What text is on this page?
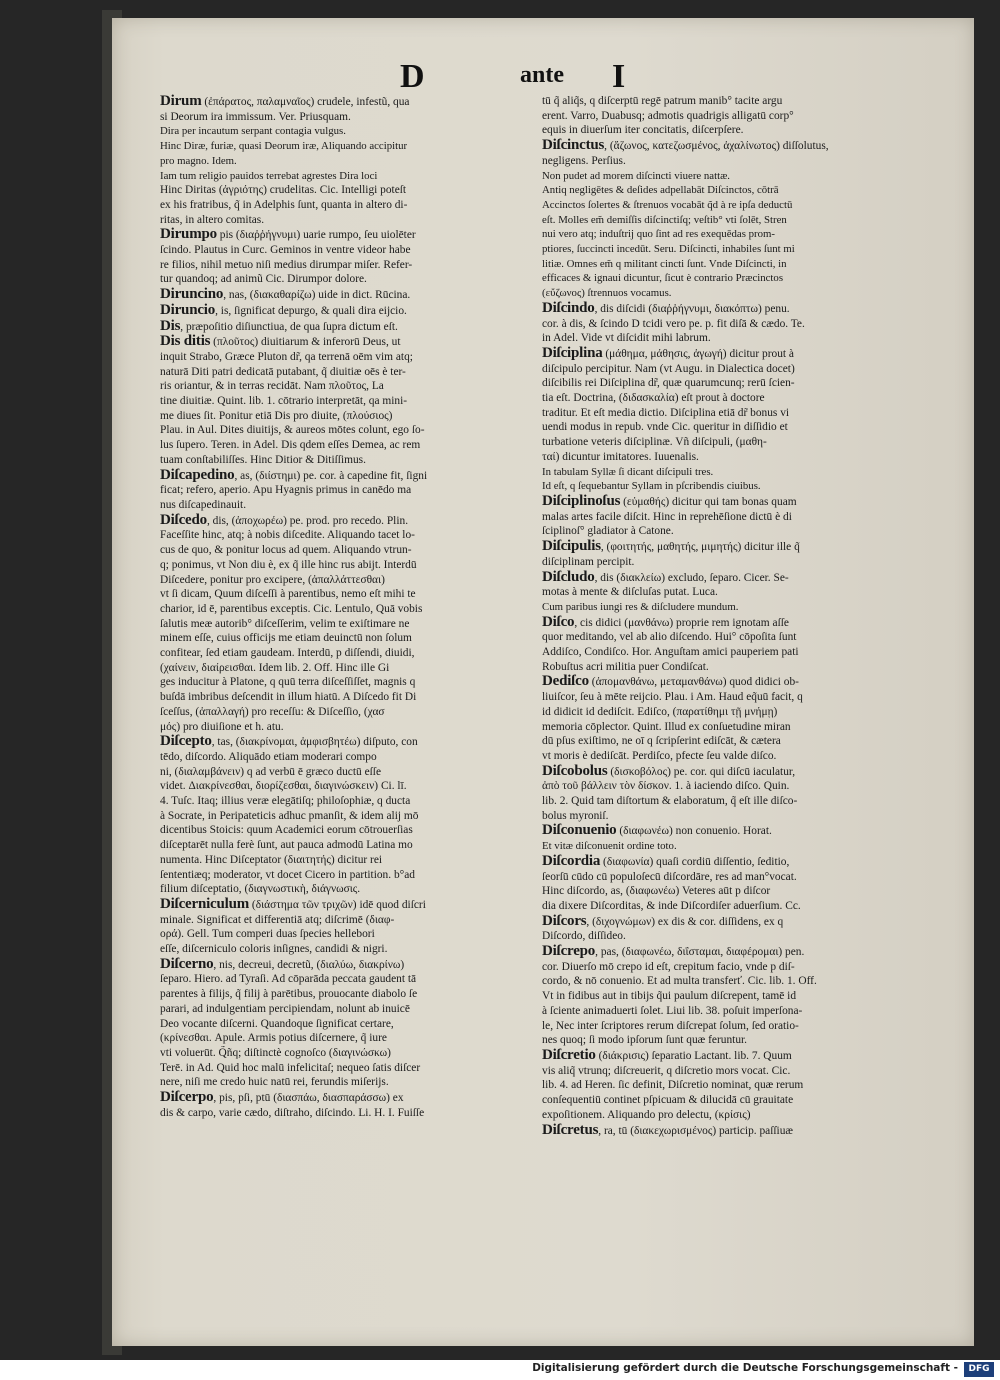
D	ante I
Dirum (ἐπάρατος, παλαμναῖος) crudele, infestũ, qua
si Deorum ira immissum. Ver. Priusquam.
Dira per incautum serpant contagia vulgus.
Hinc Diræ, furiæ, quasi Deorum iræ, Aliquando accipitur
pro magno. Idem.
Iam tum religio pauidos terrebat agrestes Dira loci
Hinc Diritas (ἀγριότης) crudelitas. Cic. Intelligi poteſt
ex his fratribus, q̃ in Adelphis ſunt, quanta in altero di-
ritas, in altero comitas.
Dirumpo pis (διαῤῥήγνυμι) uarie rumpo, ſeu uiolēter
ſcindo. Plautus in Curc. Geminos in ventre videor habe
re filios, nihil metuo niſi medius dirumpar miſer. Refer-
tur quandoq; ad animũ Cic. Dirumpor dolore.
Diruncino, nas, (διακαθαρίζω) uide in dict. Rūcina.
Diruncio, is, ſignificat depurgo, & quali dira eijcio.
Dis, præpoſitio diſiunctiua, de qua ſupra dictum eſt.
Dis ditis (πλοῦτος) diuitiarum & inferorū Deus, ut
inquit Strabo, Græce Pluton dr̃, qa terrenā oēm vim atq;
naturā Diti patri dedicatā putabant, q̃ diuitiæ oēs è ter-
ris oriantur, & in terras recidāt. Nam πλοῦτος, La
tine diuitiæ. Quint. lib. 1. cōtrario interpretāt, qa mini-
me diues ſit. Ponitur etiā Dis pro diuite, (πλούσιος)
Plau. in Aul. Dites diuitijs, & aureos mōtes colunt, ego ſo-
lus ſupero. Teren. in Adel. Dis qdem eſſes Demea, ac rem
tuam conſtabiliſſes. Hinc Ditior & Ditiſſimus.
Diſcapedino, as, (διίστημι) pe. cor. à capedine fit, ſigni
ficat; refero, aperio. Apu Hyagnis primus in canēdo ma
nus diſcapedinauit.
Diſcedo, dis, (ἀποχωρέω) pe. prod. pro recedo. Plin.
Faceſſite hinc, atq; à nobis diſcedite. Aliquando tacet lo-
cus de quo, & ponitur locus ad quem. Aliquando vtrun-
q; ponimus, vt Non diu è, ex q̃ ille hinc rus abijt. Interdū
Diſcedere, ponitur pro excipere, (ἀπαλλάττεσθαι)
vt ſi dicam, Quum diſceſſi à parentibus, nemo eſt mihi te
charior, id ē, parentibus exceptis. Cic. Lentulo, Quā vobis
ſalutis meæ autorib° diſceſſerim, velim te exiſtimare ne
minem eſſe, cuius officijs me etiam deuinctū non ſolum
confitear, ſed etiam gaudeam. Interdū, p diſſendi, diuidi,
(χαίνειν, διαίρεισθαι. Idem lib. 2. Off. Hinc ille Gi
ges inducitur à Platone, q quū terra diſceſſiſſet, magnis q
buſdā imbribus deſcendit in illum hiatū. A Diſcedo fit Di
ſceſſus, (ἀπαλλαγή) pro receſſu: & Diſceſſio, (χασ
μός) pro diuiſione et h. atu.
Diſcepto, tas, (διακρίνομαι, ἀμφισβητέω) diſputo, con
tēdo, diſcordo. Aliquādo etiam moderari compo
ni, (διαλαμβάνειν) q ad verbū ē græco ductū eſſe
videt. Διακρίνεσθαι, διορίζεσθαι, διαγινώσκειν) Ci. lī.
4. Tuſc. Itaq; illius veræ elegātiſq; philoſophiæ, q ducta
à Socrate, in Peripateticis adhuc pmanſit, & idem alij mō
dicentibus Stoicis: quum Academici eorum cōtrouerſias
diſceptarēt nulla ferè ſunt, aut pauca admodū Latina mo
numenta. Hinc Diſceptator (διαιτητής) dicitur rei
ſententiæq; moderator, vt docet Cicero in partition. b°ad
filium diſceptatio, (διαγνωστικὴ, διάγνωσις.
Diſcerniculum (διάστημα τῶν τριχῶν) idē quod diſcri
minale. Significat et differentiā atq; diſcrimē (διαφ-
ορά). Gell. Tum comperi duas ſpecies hellebori
eſſe, diſcerniculo coloris inſignes, candidi & nigri.
Diſcerno, nis, decreui, decretũ, (διαλύω, διακρίνω)
ſeparo. Hiero. ad Tyraſi. Ad cōparāda peccata gaudent tā
parentes à filijs, q̃ filij à parētibus, prouocante diabolo ſe
parari, ad indulgentiam percipiendam, nolunt ab inuicē
Deo vocante diſcerni. Quandoque ſignificat certare,
(κρίνεσθαι. Apule. Armis potius diſcernere, q̃ iure
vti voluerūt. Q̃ñq; diſtinctè cognoſco (διαγινώσκω)
Terē. in Ad. Quid hoc malū infelicitaſ; nequeo ſatis diſcer
nere, niſi me credo huic natū rei, ferundis miſerijs.
Diſcerpo, pis, pſi, ptū (διασπάω, διασπαράσσω) ex
dis & carpo, varie cædo, diſtraho, diſcindo. Li. H. I. Fuiſſe
tū q̃ aliq̃s, q diſcerptū regē patrum manib° tacite argu
erent. Varro, Duabusq; admotis quadrigis alligatū corp°
equis in diuerſum iter concitatis, diſcerpſere.
Diſcinctus, (ἄζωνος, κατεζωσμένος, ἀχαλίνωτος) diſſolutus,
negligens. Perſius.
Non pudet ad morem diſcincti viuere nattæ.
Antiq negligētes & deſides adpellabāt Diſcinctos, cōtrā
Accinctos ſolertes & ſtrenuos vocabāt q̃d à re ipſa deductū
eſt. Molles em̃ demiſſis diſcinctiſq; veſtib° vti ſolēt, Stren
nui vero atq; induſtrij quo ſint ad res exequēdas prom-
ptiores, ſuccincti incedūt. Seru. Diſcincti, inhabiles ſunt mi
litiæ. Omnes em̃ q militant cincti ſunt. Vnde Diſcincti, in
efficaces & ignaui dicuntur, ſicut è contrario Præcinctos
(εὔζωνος) ſtrennuos vocamus.
Diſcindo, dis diſcidi (διαῤῥήγνυμι, διακόπτω) penu.
cor. à dis, & ſcindo D tcidi vero pe. p. fit diſā & cædo. Te.
in Adel. Vide vt diſcidit mihi labrum.
Diſciplina (μάθημα, μάθησις, ἀγωγή) dicitur prout à
diſcipulo percipitur. Nam (vt Augu. in Dialectica docet)
diſcibilis rei Diſciplina dr̃, quæ quarumcunq; rerū ſcien-
tia eſt. Doctrina, (διδασκαλία) eſt prout à doctore
traditur. Et eſt media dictio. Diſciplina etiā dr̃ bonus vi
uendi modus in repub. vnde Cic. queritur in diſſidio et
turbatione veteris diſciplinæ. Vñ diſcipuli, (μαθη-
ταί) dicuntur imitatores. Iuuenalis.
In tabulam Syllæ ſi dicant diſcipuli tres.
Id eſt, q ſequebantur Syllam in pſcribendis ciuibus.
Diſciplinoſus (εὐμαθής) dicitur qui tam bonas quam
malas artes facile diſcit. Hinc in reprehēſione dictū è di
ſciplinoſ° gladiator à Catone.
Diſcipulis, (φοιτητής, μαθητής, μιμητής) dicitur ille q̃
diſciplinam percipit.
Diſcludo, dis (διακλείω) excludo, ſeparo. Cicer. Se-
motas à mente & diſcluſas putat. Luca.
Cum paribus iungi res & diſcludere mundum.
Diſco, cis didici (μανθάνω) proprie rem ignotam aſſe
quor meditando, vel ab alio diſcendo. Hui° cōpoſita ſunt
Addiſco, Condiſco. Hor. Anguſtam amici pauperiem pati
Robuſtus acri militia puer Condiſcat.
Dediſco (ἀπομανθάνω, μεταμανθάνω) quod didici ob-
liuiſcor, ſeu à mēte reijcio. Plau. i Am. Haud eq̃uū facit, q
id didicit id dediſcit. Ediſco, (παρατίθημι τῇ μνήμῃ)
memoria cōplector. Quint. Illud ex conſuetudine miran
dū pſus exiſtimo, ne oī q ſcripſerint ediſcāt, & cætera
vt moris è dediſcāt. Perdiſco, pfecte ſeu valde diſco.
Diſcobolus (δισκοβόλος) pe. cor. qui diſcū iaculatur,
ἀπὸ τοῦ βάλλειν τὸν δίσκον. 1. à iaciendo diſco. Quin.
lib. 2. Quid tam diſtortum & elaboratum, q̃ eſt ille diſco-
bolus myroniſ.
Diſconuenio (διαφωνέω) non conuenio. Horat.
Et vitæ diſconuenit ordine toto.
Diſcordia (διαφωνία) quaſi cordiū diſſentio, ſeditio,
ſeorſū cūdo cū populoſecū diſcordāre, res ad man°vocat.
Hinc diſcordo, as, (διαφωνέω) Veteres aūt p diſcor
dia dixere Diſcorditas, & inde Diſcordiſer aduerſium. Cc.
Diſcors, (διχογνώμων) ex dis & cor. diſſidens, ex q
Diſcordo, diſſideo.
Diſcrepo, pas, (διαφωνέω, διΐσταμαι, διαφέρομαι) pen.
cor. Diuerſo mō crepo id eſt, crepitum facio, vnde p diſ-
cordo, & nō conuenio. Et ad multa transferť. Cic. lib. 1. Off.
Vt in fidibus aut in tibijs q̃ui paulum diſcrepent, tamē id
à ſciente animaduerti ſolet. Liui lib. 38. poſuit imperſona-
le, Nec inter ſcriptores rerum diſcrepat ſolum, ſed oratio-
nes quoq; ſi modo ipſorum ſunt quæ feruntur.
Diſcretio (διάκρισις) ſeparatio Lactant. lib. 7. Quum
vis aliq̃ vtrunq; diſcreuerit, q diſcretio mors vocat. Cic.
lib. 4. ad Heren. ſic definit, Diſcretio nominat, quæ rerum
conſequentiū continet pſpicuam & dilucidā cū grauitate
expoſitionem. Aliquando pro delectu, (κρίσις)
Diſcretus, ra, tū (διακεχωρισμένος) particip. paſſiuæ
Digitalisierung gefördert durch die Deutsche Forschungsgemeinschaft -	DFG
